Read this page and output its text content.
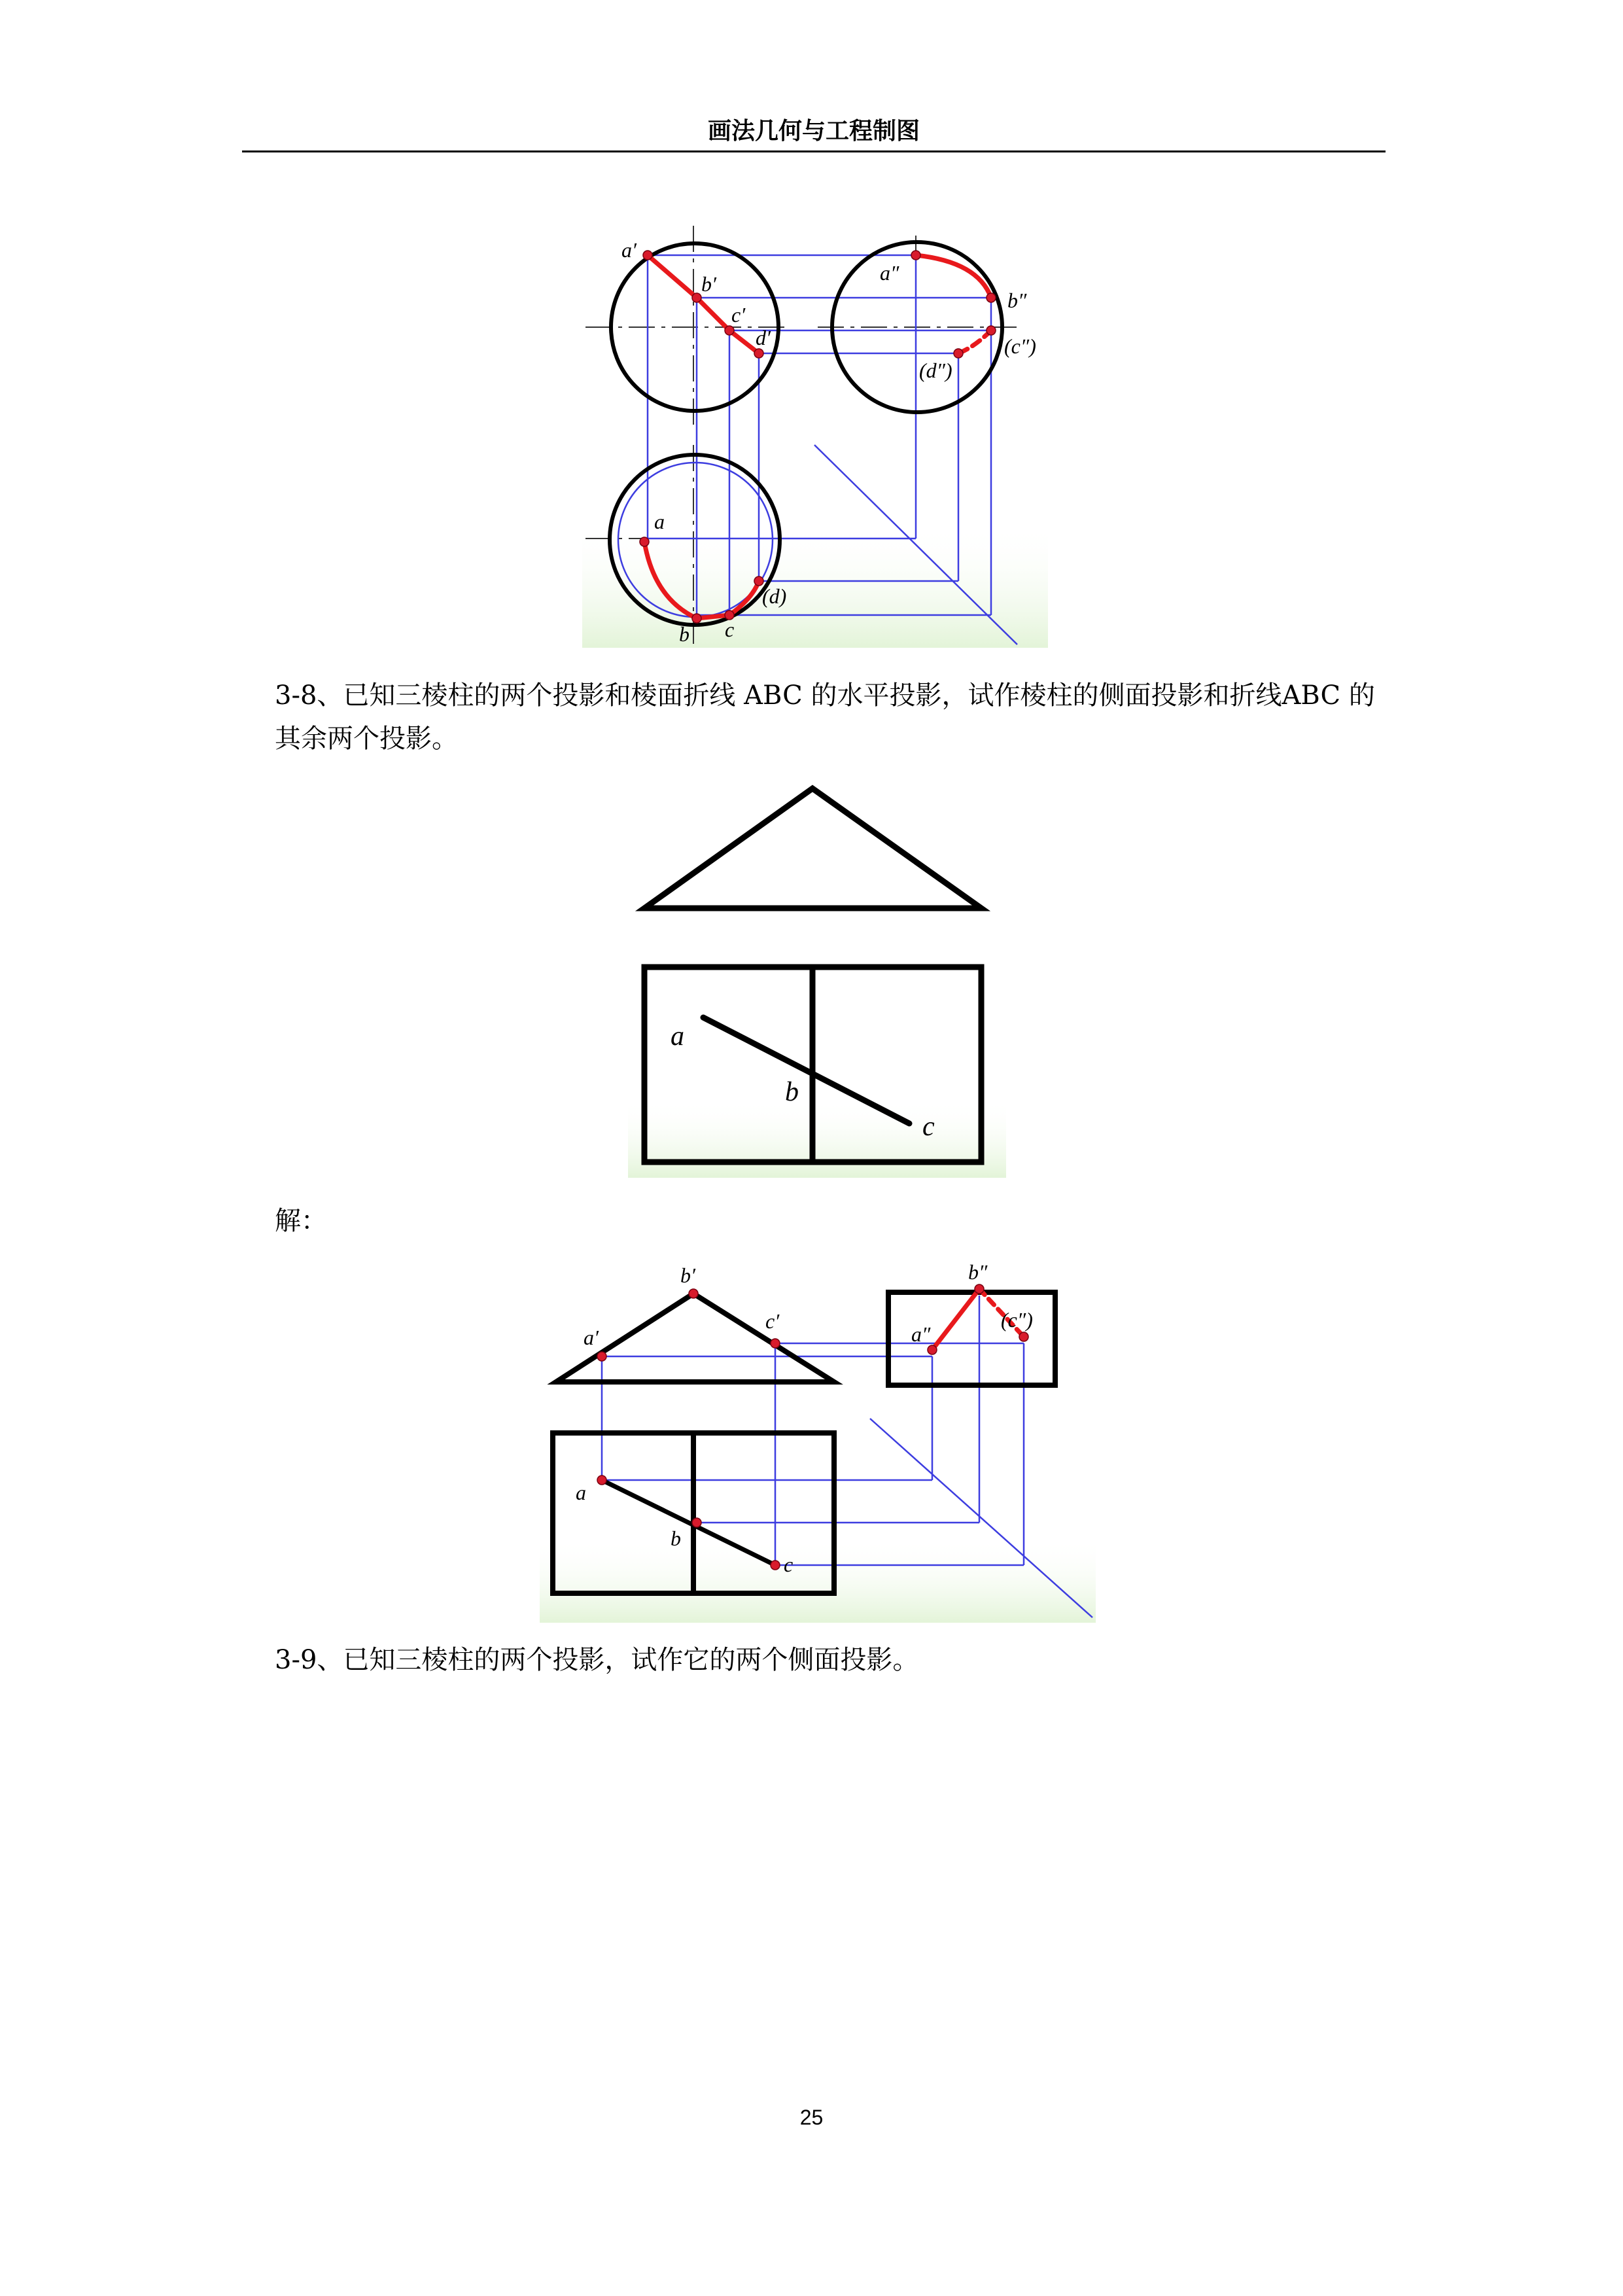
画法几何与工程制图
a′
b′
c′
d′
a″
b″
(c″)
(d″)
a
b c
(d)
a
b
c
a′
b′
c′
a″
b″
(c″)
a
b
c
3-8、已知三棱柱的两个投影和棱面折线 ABC 的水平投影，试作棱柱的侧面投影和折线ABC 的其余两个投影。
解：
3-9、已知三棱柱的两个投影，试作它的两个侧面投影。
25
